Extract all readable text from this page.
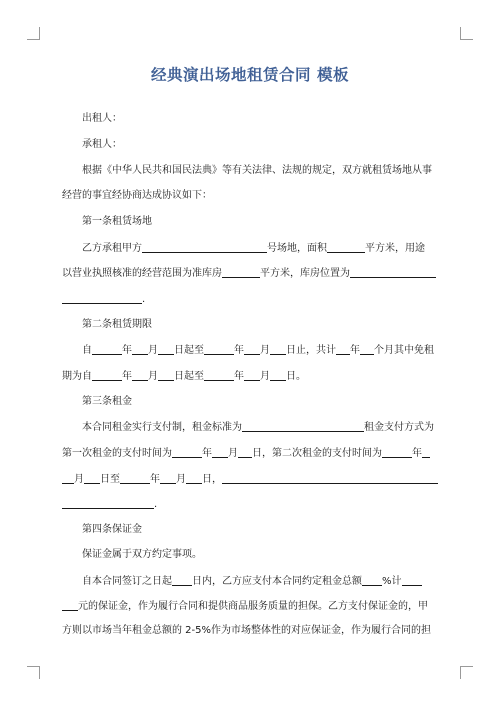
经典演出场地租赁合同 模板
出租人：
承租人：
根据《中华人民共和国民法典》等有关法律、法规的规定，双方就租赁场地从事
经营的事宜经协商达成协议如下：
第一条租赁场地
乙方承租甲方	号场地，面积	平方米，用途
以营业执照核准的经营范围为准库房	平方米，库房位置为
.
第二条租赁期限
自	年 月 日起至	年 月 日止，共计 年 个月其中免租
期为自	年 月 日起至	年 月 日。
第三条租金
本合同租金实行支付制，租金标准为	租金支付方式为
第一次租金的支付时间为	年 月 日，第二次租金的支付时间为	年
月 日至	年 月 日，
.
第四条保证金
保证金属于双方约定事项。
自本合同签订之日起 日内，乙方应支付本合同约定租金总额 %计
元的保证金，作为履行合同和提供商品服务质量的担保。乙方支付保证金的，甲
方则以市场当年租金总额的 2-5%作为市场整体性的对应保证金，作为履行合同的担
